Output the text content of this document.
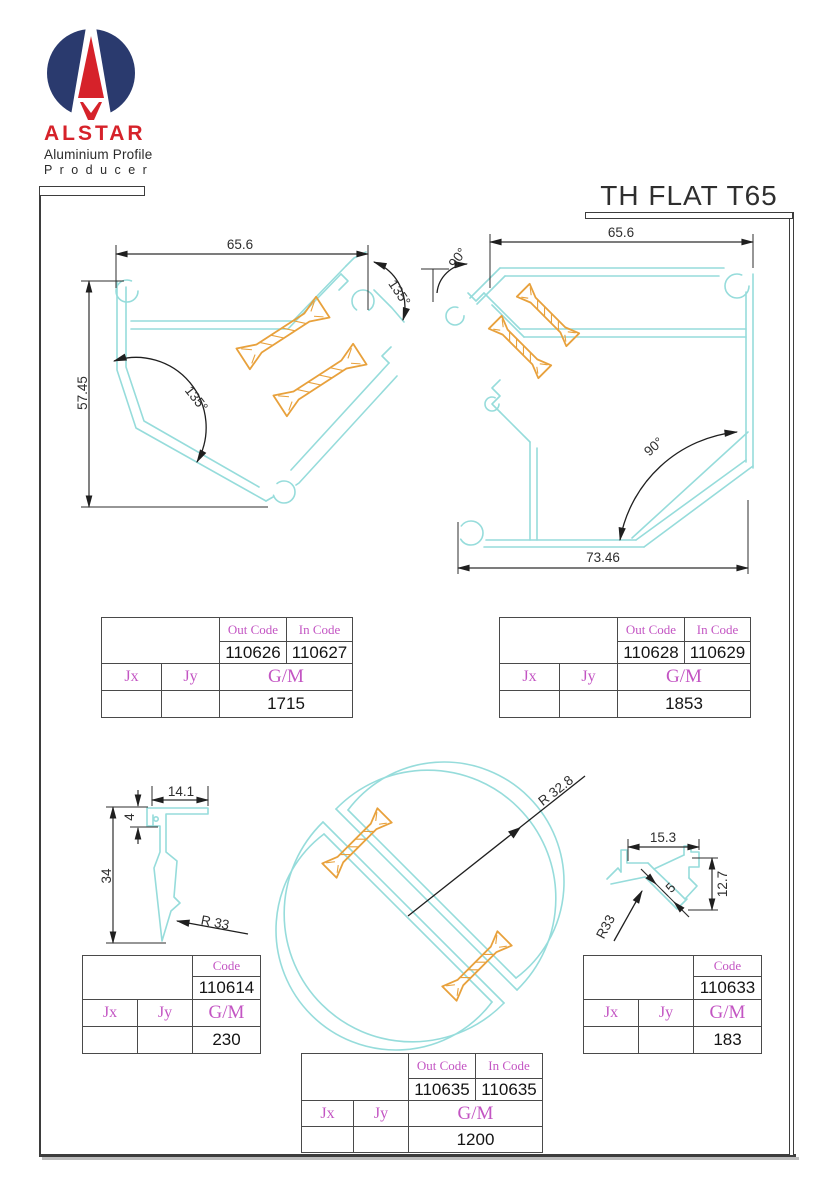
ALSTAR
Aluminium Profile
P r o d u c e r
TH FLAT T65
65.6
57.45	135°
135°
65.6
73.46
90°
90°
14.1
4
34
R 33
R 32.8
15.3
12.7
5
R33
		Out Code	In Code
		110626	110627
Jx	Jy	G/M	
		1715	
		Out Code	In Code
		110628	110629
Jx	Jy	G/M	
		1853	
		Code
		110614
Jx	Jy	G/M
		230
		Code
		110633
Jx	Jy	G/M
		183
		Out Code	In Code
		110635	110635
Jx	Jy	G/M	
		1200	
